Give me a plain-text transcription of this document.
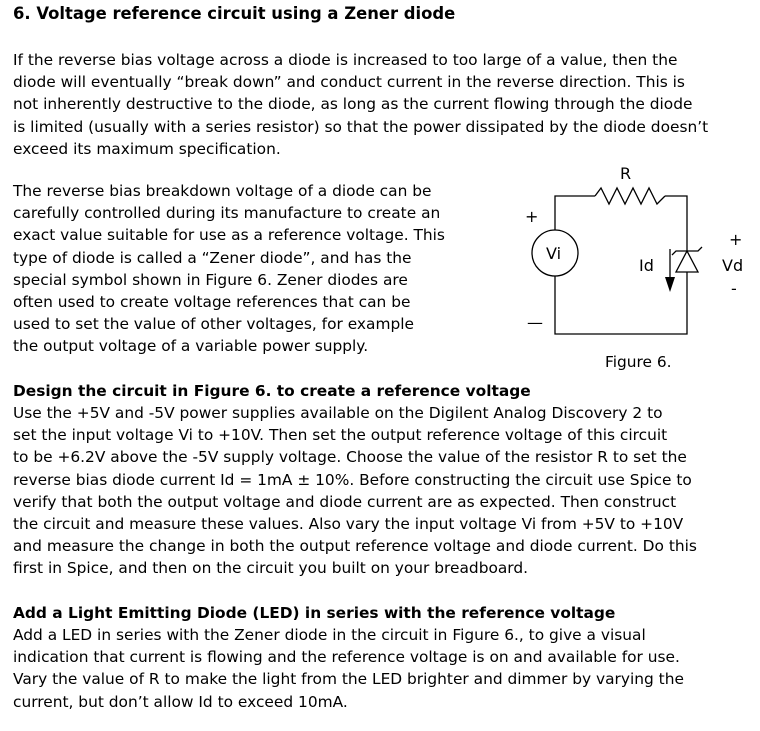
6. Voltage reference circuit using a Zener diode
If the reverse bias voltage across a diode is increased to too large of a value, then the
diode will eventually “break down” and conduct current in the reverse direction. This is
not inherently destructive to the diode, as long as the current flowing through the diode
is limited (usually with a series resistor) so that the power dissipated by the diode doesn’t
exceed its maximum specification.
The reverse bias breakdown voltage of a diode can be
carefully controlled during its manufacture to create an
exact value suitable for use as a reference voltage. This
type of diode is called a “Zener diode”, and has the
special symbol shown in Figure 6. Zener diodes are
often used to create voltage references that can be
used to set the value of other voltages, for example
the output voltage of a variable power supply.
R
Vi
+
—
Id	Vd
+
-
Figure 6.
Design the circuit in Figure 6. to create a reference voltage
Use the +5V and -5V power supplies available on the Digilent Analog Discovery 2 to
set the input voltage Vi to +10V. Then set the output reference voltage of this circuit
to be +6.2V above the -5V supply voltage. Choose the value of the resistor R to set the
reverse bias diode current Id = 1mA ± 10%. Before constructing the circuit use Spice to
verify that both the output voltage and diode current are as expected. Then construct
the circuit and measure these values. Also vary the input voltage Vi from +5V to +10V
and measure the change in both the output reference voltage and diode current. Do this
first in Spice, and then on the circuit you built on your breadboard.
Add a Light Emitting Diode (LED) in series with the reference voltage
Add a LED in series with the Zener diode in the circuit in Figure 6., to give a visual
indication that current is flowing and the reference voltage is on and available for use.
Vary the value of R to make the light from the LED brighter and dimmer by varying the
current, but don’t allow Id to exceed 10mA.
